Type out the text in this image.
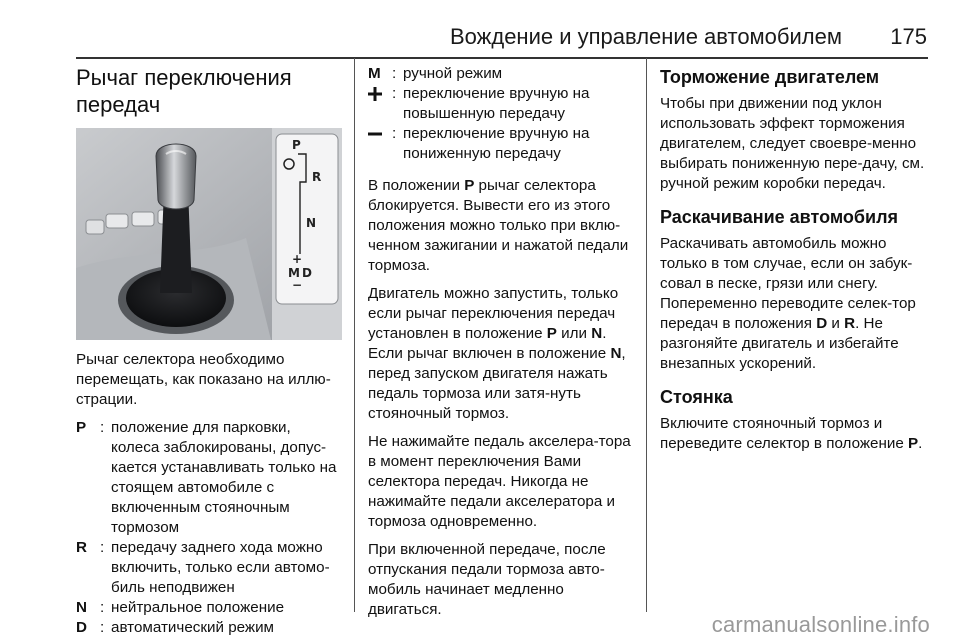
Вождение и управление автомобилем 175
Рычаг переключения
передач
P
R
N
+
M D
−

Рычаг селектора необходимо перемещать, как показано на иллю-страции.

P : положение для парковки, колеса заблокированы, допус-кается устанавливать только на стоящем автомобиле с включенным стояночным тормозом
R : передачу заднего хода можно включить, только если автомо-биль неподвижен
N : нейтральное положение
D : автоматический режим
M : ручной режим
: переключение вручную на повышенную передачу
: переключение вручную на пониженную передачу

В положении P рычаг селектора блокируется. Вывести его из этого положения можно только при вклю-ченном зажигании и нажатой педали тормоза.

Двигатель можно запустить, только если рычаг переключения передач установлен в положение P или N.
Если рычаг включен в положение N, перед запуском двигателя нажать педаль тормоза или затя-нуть стояночный тормоз.

Не нажимайте педаль акселера-тора в момент переключения Вами селектора передач. Никогда не нажимайте педали акселератора и тормоза одновременно.

При включенной передаче, после отпускания педали тормоза авто-мобиль начинает медленно двигаться.

Торможение двигателем

Чтобы при движении под уклон использовать эффект торможения двигателем, следует своевре-менно выбирать пониженную пере-дачу, см. ручной режим коробки передач.

Раскачивание автомобиля

Раскачивать автомобиль можно только в том случае, если он забук-совал в песке, грязи или снегу. Попеременно переводите селек-тор передач в положения D и R. Не разгоняйте двигатель и избегайте внезапных ускорений.

Стоянка

Включите стояночный тормоз и переведите селектор в положение P.

carmanualsonline.info
